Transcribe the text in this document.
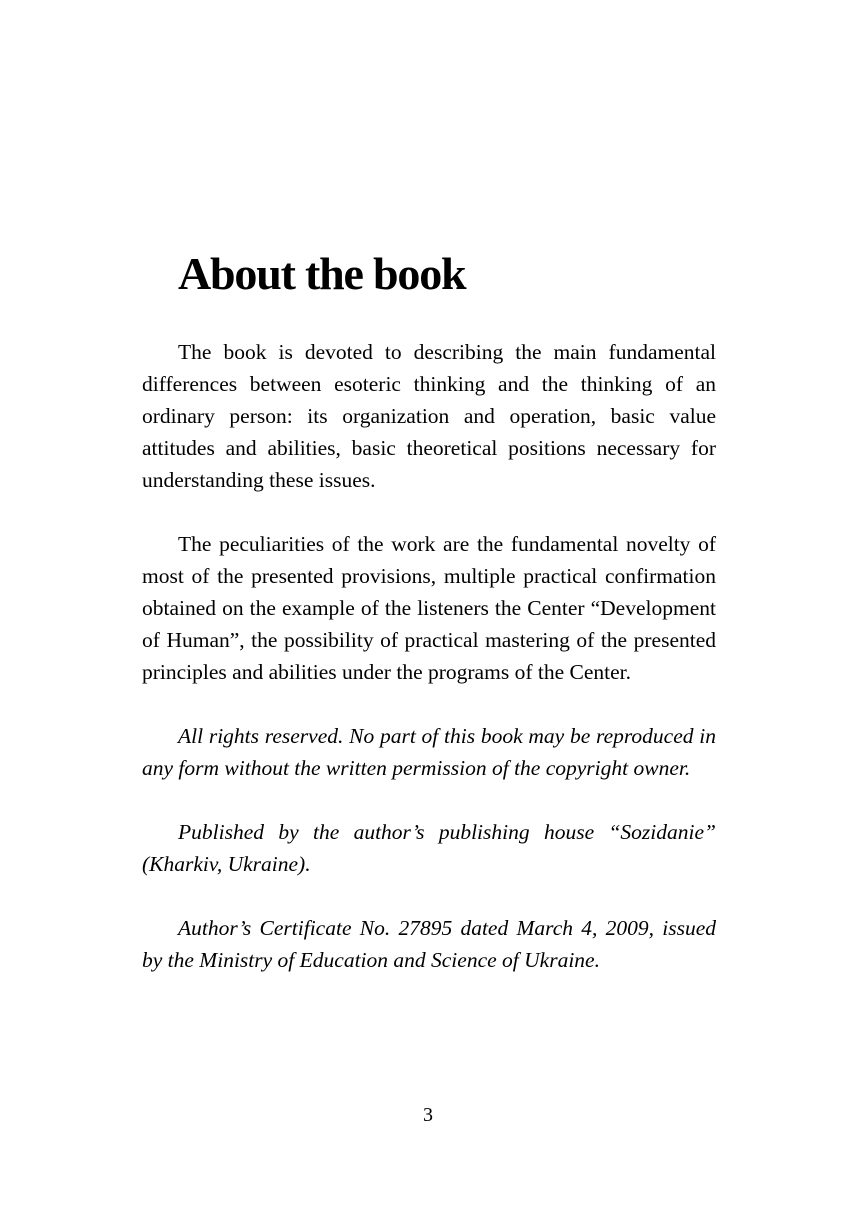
About the book

The book is devoted to describing the main fundamental differences between esoteric thinking and the thinking of an ordinary person: its organization and operation, basic value attitudes and abilities, basic theoretical positions necessary for understanding these issues.

The peculiarities of the work are the fundamental novelty of most of the presented provisions, multiple practical confirmation obtained on the example of the listeners the Center “Development of Human”, the possibility of practical mastering of the presented principles and abilities under the programs of the Center.

All rights reserved. No part of this book may be reproduced in any form without the written permission of the copyright owner.

Published by the author’s publishing house “Sozidanie” (Kharkiv, Ukraine).

Author’s Certificate No. 27895 dated March 4, 2009, issued by the Ministry of Education and Science of Ukraine.

3
